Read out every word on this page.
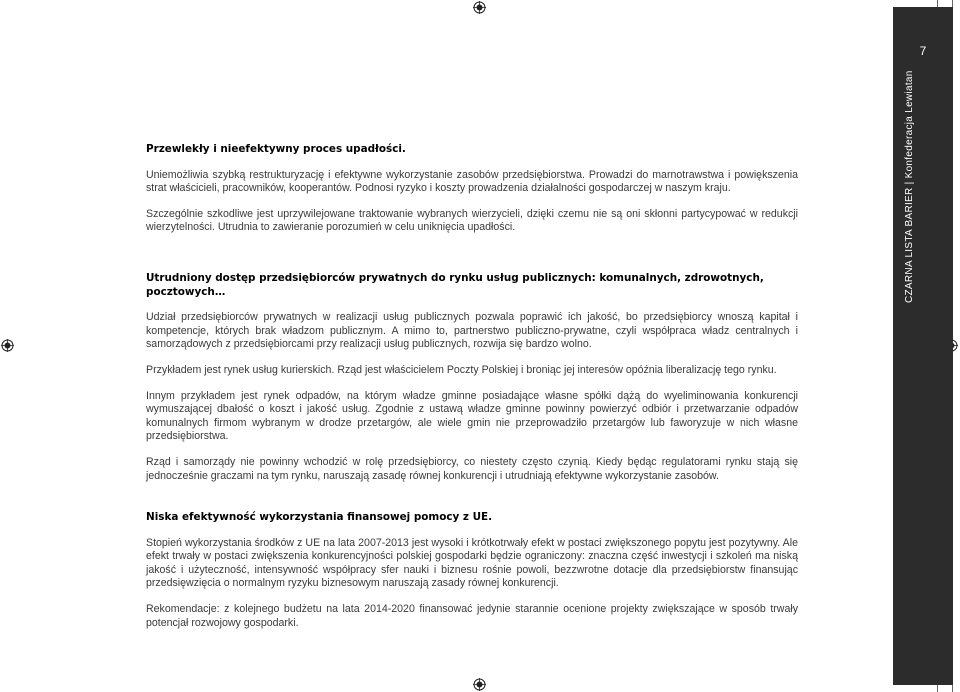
7
CZARNA LISTA BARIER | Konfederacja Lewiatan
Przewlekły i nieefektywny proces upadłości.

Uniemożliwia szybką restrukturyzację i efektywne wykorzystanie zasobów przedsiębiorstwa. Prowadzi do marnotrawstwa i powiększenia strat właścicieli, pracowników, kooperantów. Podnosi ryzyko i koszty prowadzenia działalności gospodarczej w naszym kraju.

Szczególnie szkodliwe jest uprzywilejowane traktowanie wybranych wierzycieli, dzięki czemu nie są oni skłonni partycypować w redukcji wierzytelności. Utrudnia to zawieranie porozumień w celu uniknięcia upadłości.

Utrudniony dostęp przedsiębiorców prywatnych do rynku usług publicznych: komunalnych, zdrowotnych, pocztowych…

Udział przedsiębiorców prywatnych w realizacji usług publicznych pozwala poprawić ich jakość, bo przedsiębiorcy wnoszą kapitał i kompetencje, których brak władzom publicznym. A mimo to, partnerstwo publiczno-prywatne, czyli współpraca władz centralnych i samorządowych z przedsiębiorcami przy realizacji usług publicznych, rozwija się bardzo wolno.

Przykładem jest rynek usług kurierskich. Rząd jest właścicielem Poczty Polskiej i broniąc jej interesów opóźnia liberalizację tego rynku.

Innym przykładem jest rynek odpadów, na którym władze gminne posiadające własne spółki dążą do wyeliminowania konkurencji wymuszającej dbałość o koszt i jakość usług. Zgodnie z ustawą władze gminne powinny powierzyć odbiór i przetwarzanie odpadów komunalnych firmom wybranym w drodze przetargów, ale wiele gmin nie przeprowadziło przetargów lub faworyzuje w nich własne przedsiębiorstwa.

Rząd i samorządy nie powinny wchodzić w rolę przedsiębiorcy, co niestety często czynią. Kiedy będąc regulatorami rynku stają się jednocześnie graczami na tym rynku, naruszają zasadę równej konkurencji i utrudniają efektywne wykorzystanie zasobów.

Niska efektywność wykorzystania finansowej pomocy z UE.

Stopień wykorzystania środków z UE na lata 2007-2013 jest wysoki i krótkotrwały efekt w postaci zwiększonego popytu jest pozytywny. Ale efekt trwały w postaci zwiększenia konkurencyjności polskiej gospodarki będzie ograniczony: znaczna część inwestycji i szkoleń ma niską jakość i użyteczność, intensywność współpracy sfer nauki i biznesu rośnie powoli, bezzwrotne dotacje dla przedsiębiorstw finansując przedsięwzięcia o normalnym ryzyku biznesowym naruszają zasady równej konkurencji.

Rekomendacje: z kolejnego budżetu na lata 2014-2020 finansować jedynie starannie ocenione projekty zwiększające w sposób trwały potencjał rozwojowy gospodarki.
